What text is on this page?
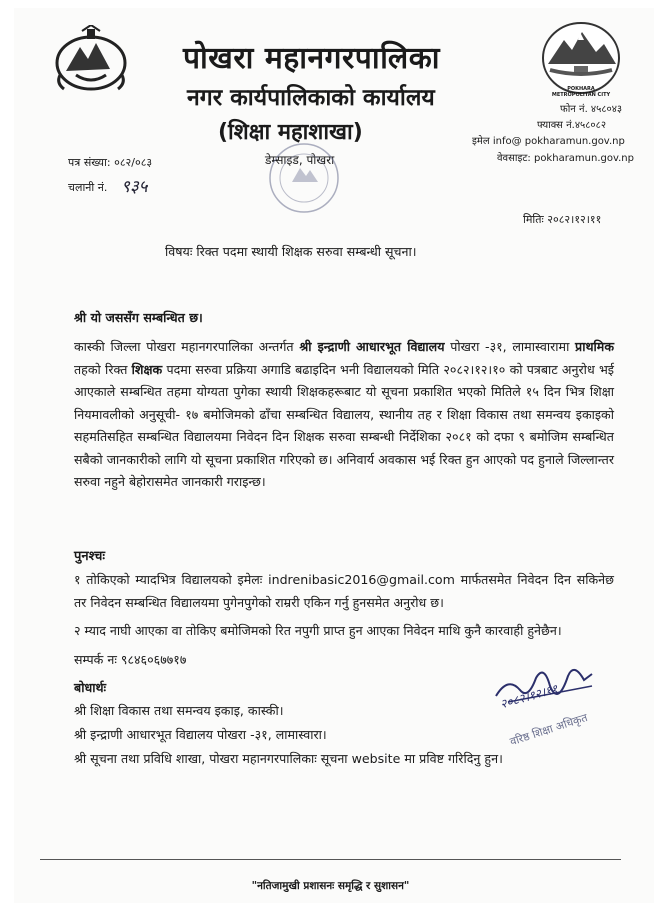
पोखरा महानगरपालिका
नगर कार्यपालिकाको कार्यालय
(शिक्षा महाशाखा)
डेम्साइड, पोखरा
POKHARA METROPOLITAN CITY
फोन नं. ४५८०४३
फ्याक्स नं.४५८०८२
इमेल info@ pokharamun.gov.np
वेवसाइट: pokharamun.gov.np
पत्र संख्या: ०८२/०८३
चलानी नं. ९३५
मितिः २०८२।१२।११
विषयः रिक्त पदमा स्थायी शिक्षक सरुवा सम्बन्धी सूचना।
श्री यो जससँग सम्बन्धित छ।
कास्की जिल्ला पोखरा महानगरपालिका अन्तर्गत श्री इन्द्राणी आधारभूत विद्यालय पोखरा -३१, लामास्वारामा प्राथमिक तहको रिक्त शिक्षक पदमा सरुवा प्रक्रिया अगाडि बढाइदिन भनी विद्यालयको मिति २०८२।१२।१० को पत्रबाट अनुरोध भई आएकाले सम्बन्धित तहमा योग्यता पुगेका स्थायी शिक्षकहरूबाट यो सूचना प्रकाशित भएको मितिले १५ दिन भित्र शिक्षा नियमावलीको अनुसूची- १७ बमोजिमको ढाँचा सम्बन्धित विद्यालय, स्थानीय तह र शिक्षा विकास तथा समन्वय इकाइको सहमतिसहित सम्बन्धित विद्यालयमा निवेदन दिन शिक्षक सरुवा सम्बन्धी निर्देशिका २०८१ को दफा ९ बमोजिम सम्बन्धित सबैको जानकारीको लागि यो सूचना प्रकाशित गरिएको छ। अनिवार्य अवकास भई रिक्त हुन आएको पद हुनाले जिल्लान्तर सरुवा नहुने बेहोरासमेत जानकारी गराइन्छ।
पुनश्चः
१ तोकिएको म्यादभित्र विद्यालयको इमेलः indrenibasic2016@gmail.com मार्फतसमेत निवेदन दिन सकिनेछ तर निवेदन सम्बन्धित विद्यालयमा पुगेनपुगेको राम्ररी एकिन गर्नु हुनसमेत अनुरोध छ।
२ म्याद नाघी आएका वा तोकिए बमोजिमको रित नपुगी प्राप्त हुन आएका निवेदन माथि कुनै कारवाही हुनेछैन।
सम्पर्क नः ९८४६०६७७१७
बोधार्थः
श्री शिक्षा विकास तथा समन्वय इकाइ, कास्की।
श्री इन्द्राणी आधारभूत विद्यालय पोखरा -३१, लामास्वारा।
श्री सूचना तथा प्रविधि शाखा, पोखरा महानगरपालिकाः सूचना website मा प्रविष्ट गरिदिनु हुन।
२०८२।१२।११
वरिष्ठ शिक्षा अधिकृत
"नतिजामुखी प्रशासनः समृद्धि र सुशासन"
